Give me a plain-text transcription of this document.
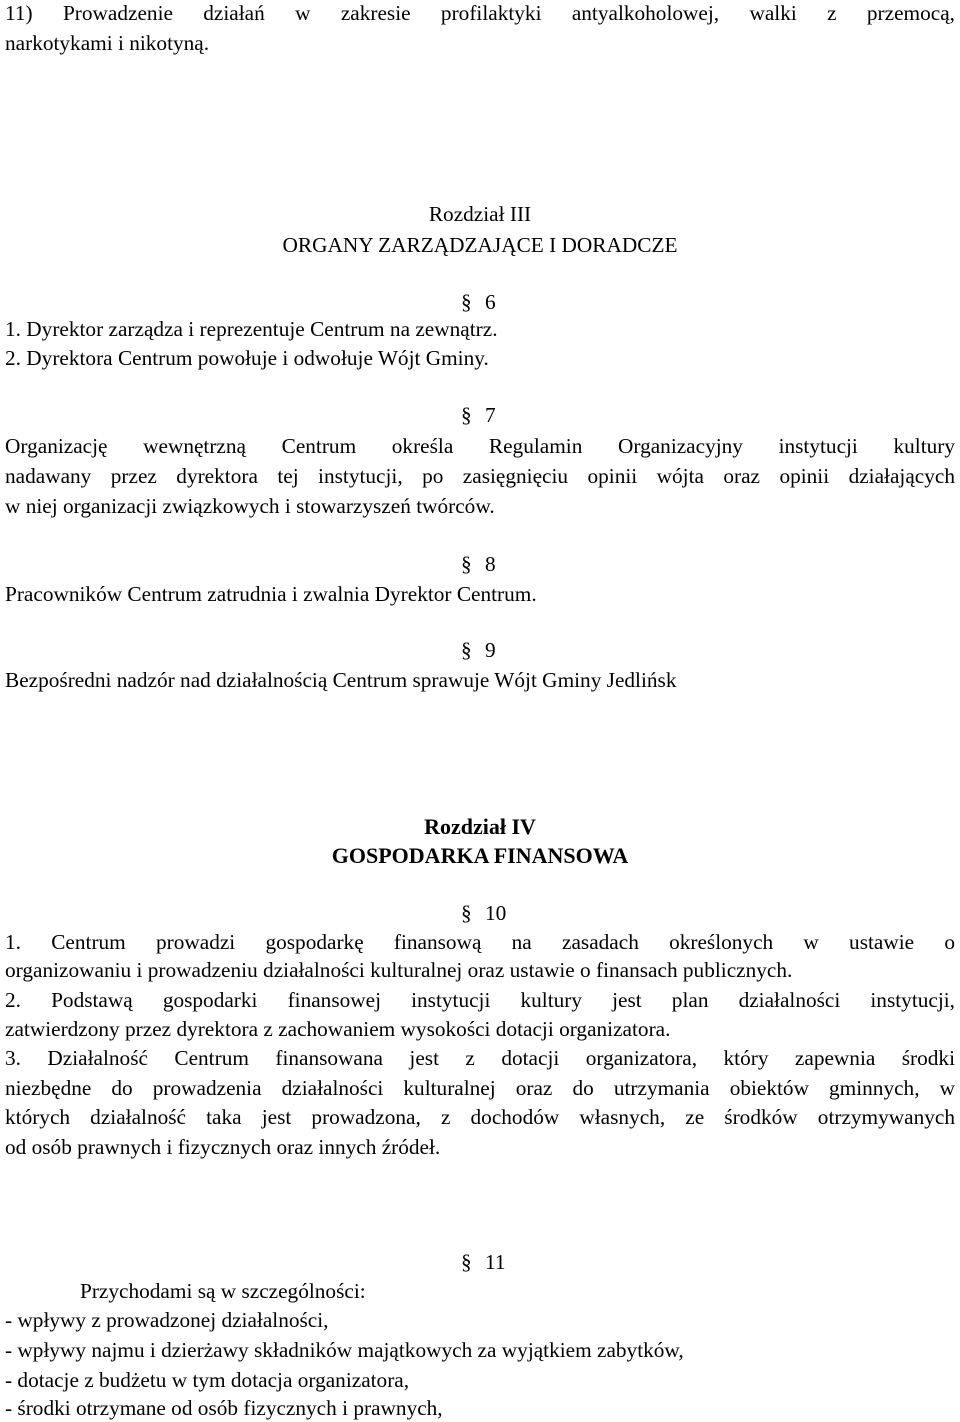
11) Prowadzenie działań w zakresie profilaktyki antyalkoholowej, walki z przemocą,
narkotykami i nikotyną.
Rozdział III
ORGANY ZARZĄDZAJĄCE I DORADCZE
§ 6
1. Dyrektor zarządza i reprezentuje Centrum na zewnątrz.
2. Dyrektora Centrum powołuje i odwołuje Wójt Gminy.
§ 7
Organizację wewnętrzną Centrum określa Regulamin Organizacyjny instytucji kultury
nadawany przez dyrektora tej instytucji, po zasięgnięciu opinii wójta oraz opinii działających
w niej organizacji związkowych i stowarzyszeń twórców.
§ 8
Pracowników Centrum zatrudnia i zwalnia Dyrektor Centrum.
§ 9
Bezpośredni nadzór nad działalnością Centrum sprawuje Wójt Gminy Jedlińsk
Rozdział IV
GOSPODARKA FINANSOWA
§ 10
1. Centrum prowadzi gospodarkę finansową na zasadach określonych w ustawie o
organizowaniu i prowadzeniu działalności kulturalnej oraz ustawie o finansach publicznych.
2. Podstawą gospodarki finansowej instytucji kultury jest plan działalności instytucji,
zatwierdzony przez dyrektora z zachowaniem wysokości dotacji organizatora.
3. Działalność Centrum finansowana jest z dotacji organizatora, który zapewnia środki
niezbędne do prowadzenia działalności kulturalnej oraz do utrzymania obiektów gminnych, w
których działalność taka jest prowadzona, z dochodów własnych, ze środków otrzymywanych
od osób prawnych i fizycznych oraz innych źródeł.
§ 11
Przychodami są w szczególności:
- wpływy z prowadzonej działalności,
- wpływy najmu i dzierżawy składników majątkowych za wyjątkiem zabytków,
- dotacje z budżetu w tym dotacja organizatora,
- środki otrzymane od osób fizycznych i prawnych,
